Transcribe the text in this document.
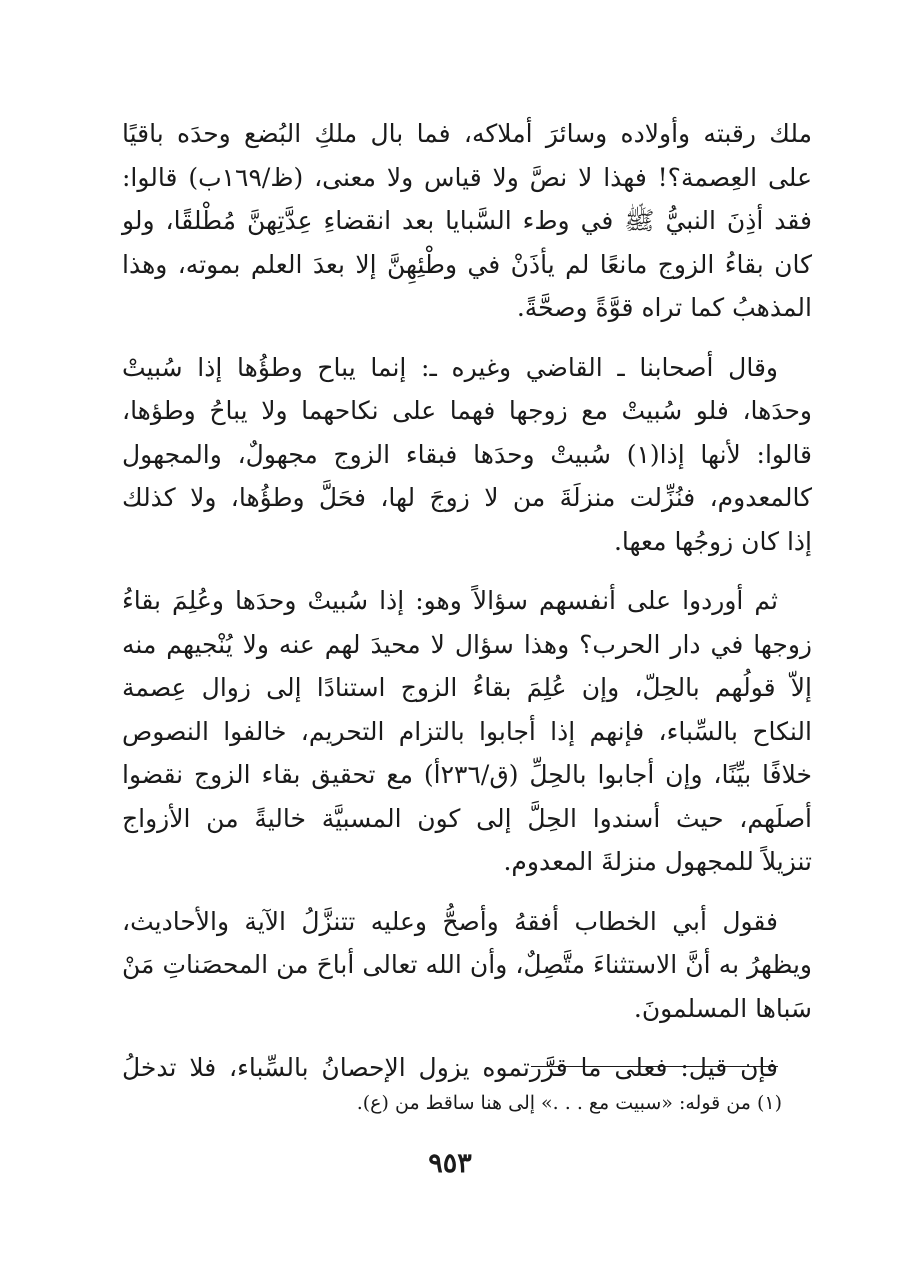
ملك رقبته وأولاده وسائرَ أملاكه، فما بال ملكِ البُضع وحدَه باقيًا
على العِصمة؟! فهذا لا نصَّ ولا قياس ولا معنى، (ظ/١٦٩ب) قالوا:
فقد أذِنَ النبيُّ ﷺ في وطء السَّبايا بعد انقضاءِ عِدَّتِهنَّ مُطْلقًا، ولو
كان بقاءُ الزوج مانعًا لم يأذَنْ في وطْئِهِنَّ إلا بعدَ العلم بموته، وهذا
المذهبُ كما تراه قوَّةً وصحَّةً.
وقال أصحابنا ـ القاضي وغيره ـ: إنما يباح وطؤُها إذا سُبيتْ
وحدَها، فلو سُبيتْ مع زوجها فهما على نكاحهما ولا يباحُ وطؤها،
قالوا: لأنها إذا(١) سُبيتْ وحدَها فبقاء الزوج مجهولٌ، والمجهول
كالمعدوم، فنُزِّلت منزلَةَ من لا زوجَ لها، فحَلَّ وطؤُها، ولا كذلك
إذا كان زوجُها معها.
ثم أوردوا على أنفسهم سؤالاً وهو: إذا سُبيتْ وحدَها وعُلِمَ بقاءُ
زوجها في دار الحرب؟ وهذا سؤال لا محيدَ لهم عنه ولا يُنْجيهم منه
إلاّ قولُهم بالحِلّ، وإن عُلِمَ بقاءُ الزوج استنادًا إلى زوال عِصمة
النكاح بالسِّباء، فإنهم إذا أجابوا بالتزام التحريم، خالفوا النصوص
خلافًا بيِّنًا، وإن أجابوا بالحِلِّ (ق/٢٣٦أ) مع تحقيق بقاء الزوج نقضوا
أصلَهم، حيث أسندوا الحِلَّ إلى كون المسبيَّة خاليةً من الأزواج
تنزيلاً للمجهول منزلةَ المعدوم.
فقول أبي الخطاب أفقهُ وأصحُّ وعليه تتنزَّلُ الآية والأحاديث،
ويظهرُ به أنَّ الاستثناءَ متَّصِلٌ، وأن الله تعالى أباحَ من المحصَناتِ مَنْ
سَباها المسلمونَ.
فإن قيل: فعلى ما قرَّرتموه يزول الإحصانُ بالسِّباء، فلا تدخلُ
(١) من قوله: «سبيت مع . . .» إلى هنا ساقط من (ع).
٩٥٣
